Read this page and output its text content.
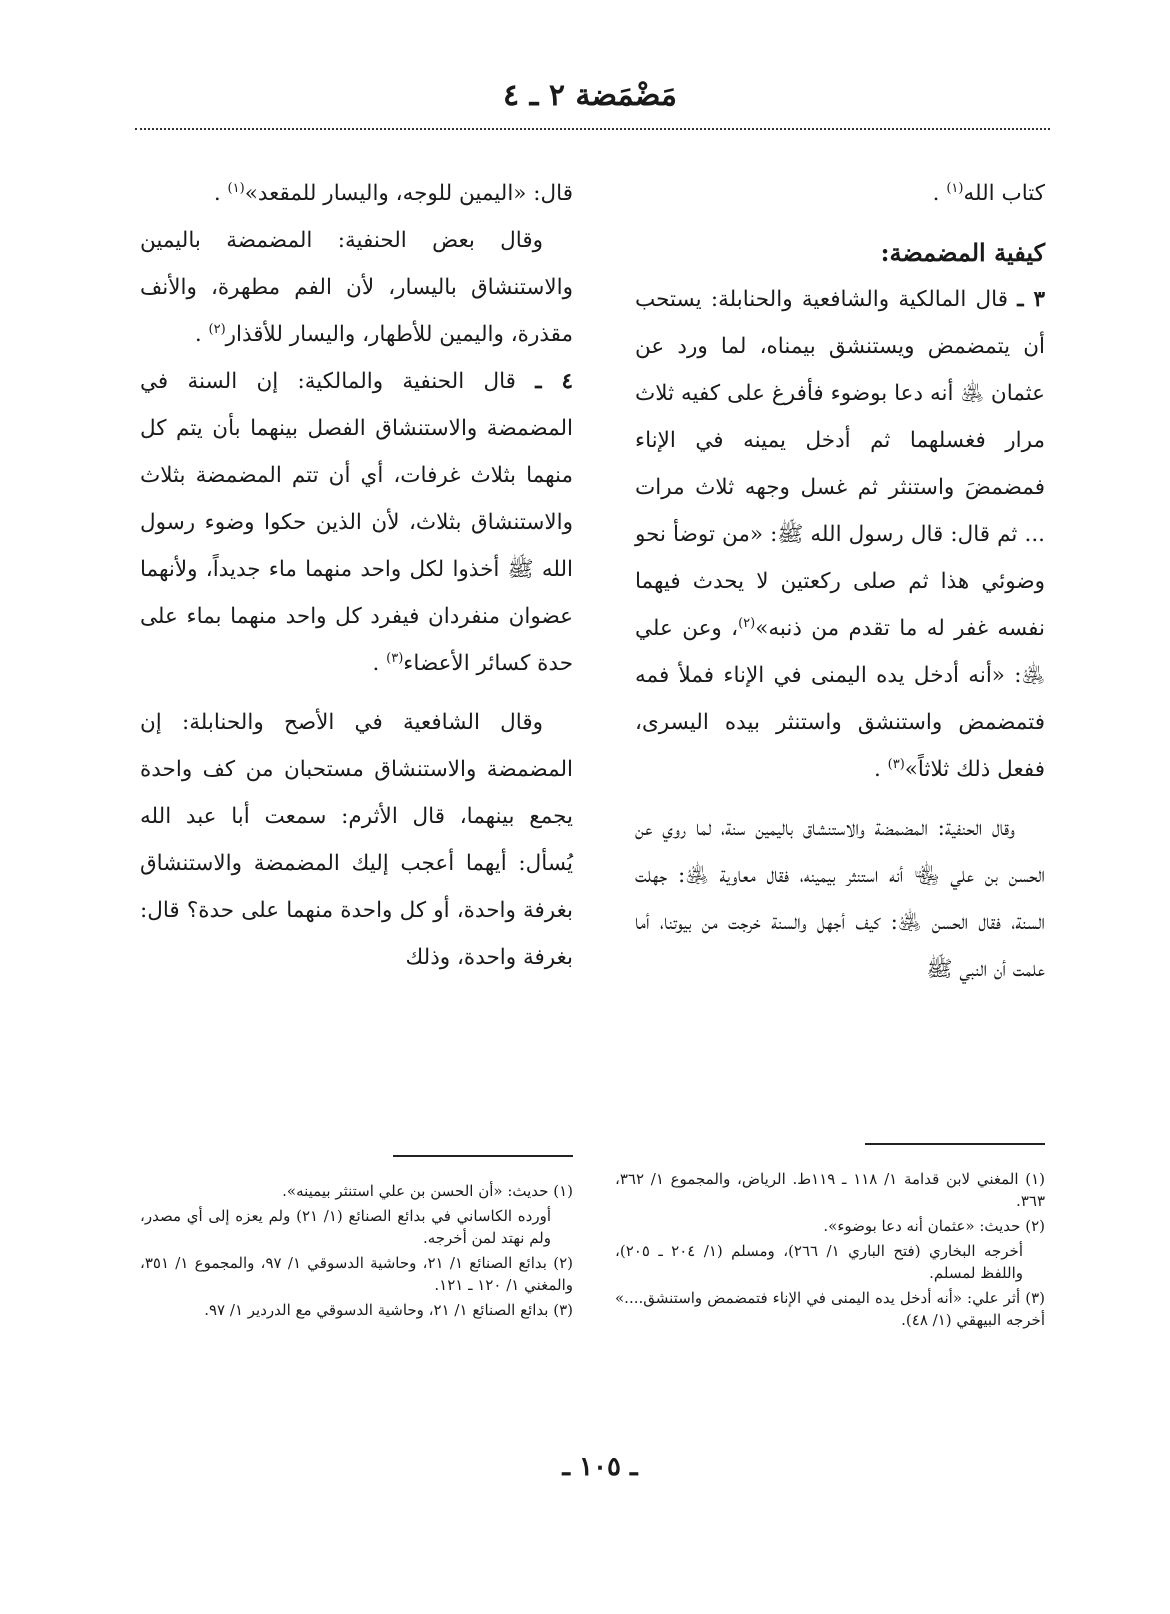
مَضْمَضة ٢ ـ ٤

كتاب الله$^{(١)}$ .

كيفية المضمضة:

٣ ـ قال المالكية والشافعية والحنابلة: يستحب أن يتمضمض ويستنشق بيمناه، لما ورد عن عثمان ﵁ أنه دعا بوضوء فأفرغ على كفيه ثلاث مرار فغسلهما ثم أدخل يمينه في الإناء فمضمضَ واستنثر ثم غسل وجهه ثلاث مرات ... ثم قال: قال رسول الله ﷺ: «من توضأ نحو وضوئي هذا ثم صلى ركعتين لا يحدث فيهما نفسه غفر له ما تقدم من ذنبه»$^{(٢)}$، وعن علي ﵁: «أنه أدخل يده اليمنى في الإناء فملأ فمه فتمضمض واستنشق واستنثر بيده اليسرى، ففعل ذلك ثلاثاً»$^{(٣)}$ .

وقال الحنفية: المضمضة والاستنشاق باليمين سنة، لما روي عن الحسن بن علي ﵄ أنه استنثر بيمينه، فقال معاوية ﵁: جهلت السنة، فقال الحسن ﵁: كيف أجهل والسنة خرجت من بيوتنا، أما علمت أن النبي ﷺ

قال: «اليمين للوجه، واليسار للمقعد»$^{(١)}$ .

وقال بعض الحنفية: المضمضة باليمين والاستنشاق باليسار، لأن الفم مطهرة، والأنف مقذرة، واليمين للأطهار، واليسار للأقذار$^{(٢)}$ .

٤ ـ قال الحنفية والمالكية: إن السنة في المضمضة والاستنشاق الفصل بينهما بأن يتم كل منهما بثلاث غرفات، أي أن تتم المضمضة بثلاث والاستنشاق بثلاث، لأن الذين حكوا وضوء رسول الله ﷺ أخذوا لكل واحد منهما ماء جديداً، ولأنهما عضوان منفردان فيفرد كل واحد منهما بماء على حدة كسائر الأعضاء$^{(٣)}$ .

وقال الشافعية في الأصح والحنابلة: إن المضمضة والاستنشاق مستحبان من كف واحدة يجمع بينهما، قال الأثرم: سمعت أبا عبد الله يُسأل: أيهما أعجب إليك المضمضة والاستنشاق بغرفة واحدة، أو كل واحدة منهما على حدة؟ قال: بغرفة واحدة، وذلك

(١) المغني لابن قدامة ١/ ١١٨ ـ ١١٩ط. الرياض، والمجموع ١/ ٣٦٢، ٣٦٣.

(٢) حديث: «عثمان أنه دعا بوضوء».

أخرجه البخاري (فتح الباري ١/ ٢٦٦)، ومسلم (١/ ٢٠٤ ـ ٢٠٥)، واللفظ لمسلم.

(٣) أثر علي: «أنه أدخل يده اليمنى في الإناء فتمضمض واستنشق....» أخرجه البيهقي (١/ ٤٨).

(١) حديث: «أن الحسن بن علي استنثر بيمينه».

أورده الكاساني في بدائع الصنائع (١/ ٢١) ولم يعزه إلى أي مصدر، ولم نهتد لمن أخرجه.

(٢) بدائع الصنائع ١/ ٢١، وحاشية الدسوقي ١/ ٩٧، والمجموع ١/ ٣٥١، والمغني ١/ ١٢٠ ـ ١٢١.

(٣) بدائع الصنائع ١/ ٢١، وحاشية الدسوقي مع الدردير ١/ ٩٧.

ـ ١٠٥ ـ
